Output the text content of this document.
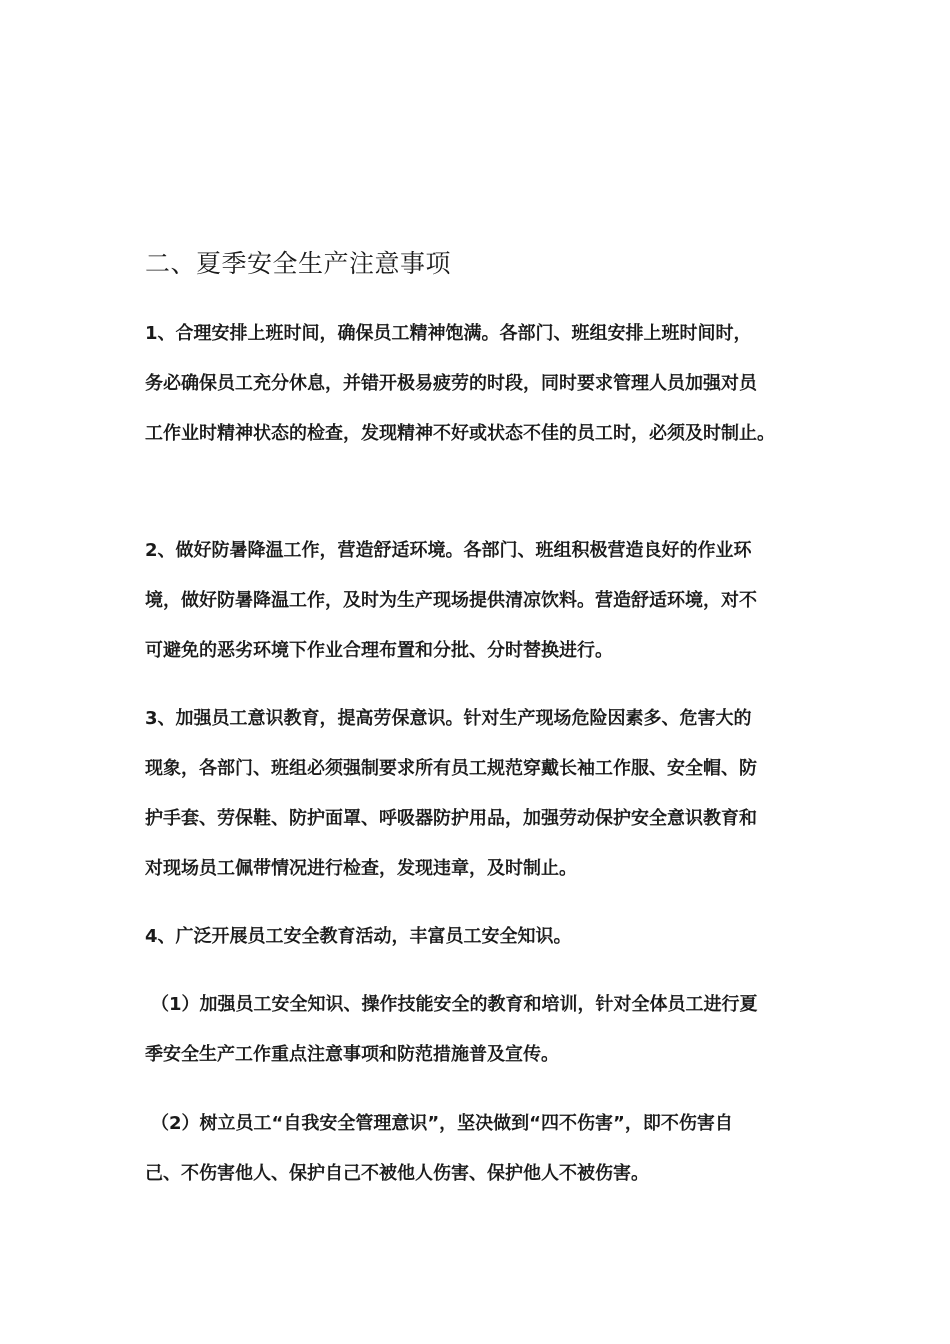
二、夏季安全生产注意事项
1、合理安排上班时间，确保员工精神饱满。各部门、班组安排上班时间时，
务必确保员工充分休息，并错开极易疲劳的时段，同时要求管理人员加强对员
工作业时精神状态的检查，发现精神不好或状态不佳的员工时，必须及时制止。
2、做好防暑降温工作，营造舒适环境。各部门、班组积极营造良好的作业环
境，做好防暑降温工作，及时为生产现场提供清凉饮料。营造舒适环境，对不
可避免的恶劣环境下作业合理布置和分批、分时替换进行。
3、加强员工意识教育，提高劳保意识。针对生产现场危险因素多、危害大的
现象，各部门、班组必须强制要求所有员工规范穿戴长袖工作服、安全帽、防
护手套、劳保鞋、防护面罩、呼吸器防护用品，加强劳动保护安全意识教育和
对现场员工佩带情况进行检查，发现违章，及时制止。
4、广泛开展员工安全教育活动，丰富员工安全知识。
（1）加强员工安全知识、操作技能安全的教育和培训，针对全体员工进行夏
季安全生产工作重点注意事项和防范措施普及宣传。
（2）树立员工“自我安全管理意识”，坚决做到“四不伤害”，即不伤害自
己、不伤害他人、保护自己不被他人伤害、保护他人不被伤害。
